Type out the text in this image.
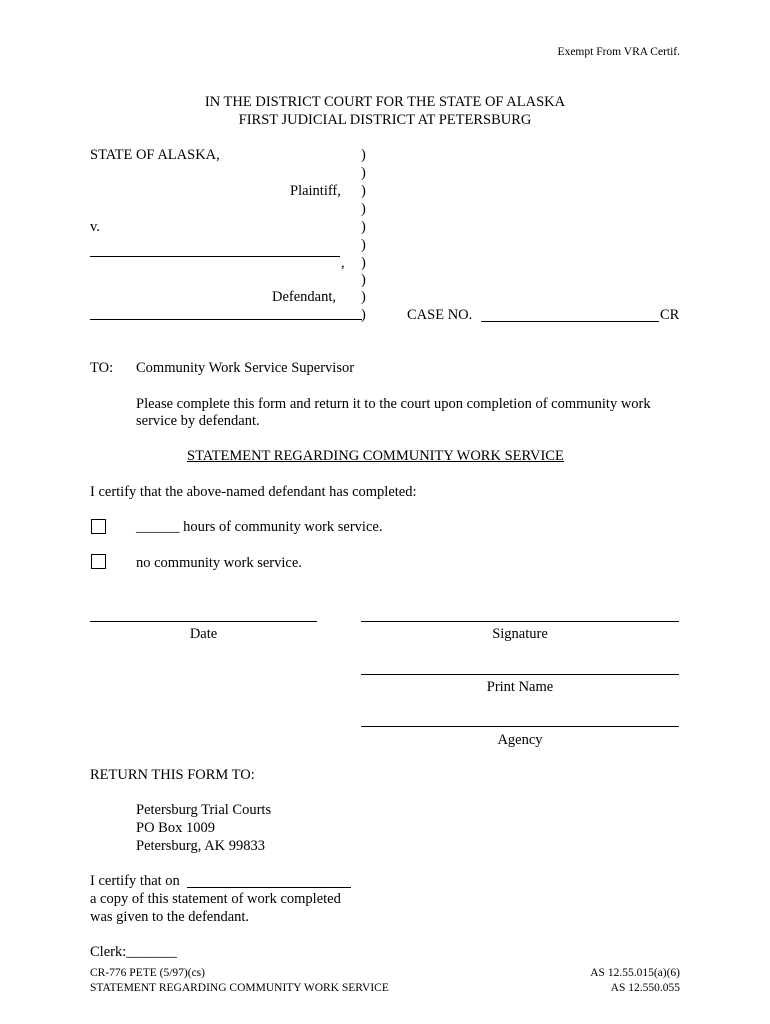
Exempt From VRA Certif.
IN THE DISTRICT COURT FOR THE STATE OF ALASKA
FIRST JUDICIAL DISTRICT AT PETERSBURG
STATE OF ALASKA,
Plaintiff,
v.
,
Defendant,
)
)
)
)
)
)
)
)
)
)	CASE NO.	CR
TO: Community Work Service Supervisor
Please complete this form and return it to the court upon completion of community work
service by defendant.
STATEMENT REGARDING COMMUNITY WORK SERVICE
I certify that the above-named defendant has completed:
______ hours of community work service.
no community work service.
Date	Signature
Print Name
Agency
RETURN THIS FORM TO:
Petersburg Trial Courts
PO Box 1009
Petersburg, AK 99833
I certify that on
a copy of this statement of work completed
was given to the defendant.
Clerk:_______
CR-776 PETE (5/97)(cs)
STATEMENT REGARDING COMMUNITY WORK SERVICE
AS 12.55.015(a)(6)
AS 12.550.055
